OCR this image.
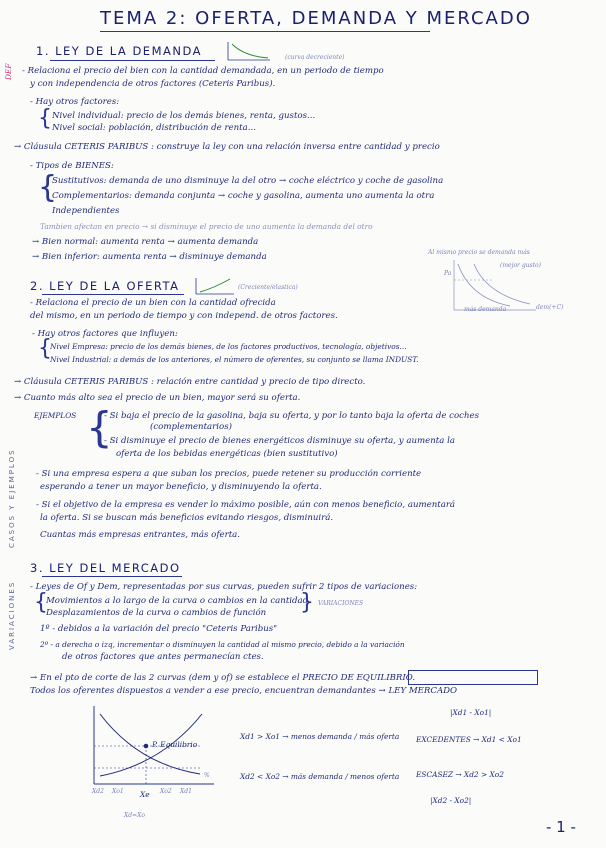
TEMA 2: OFERTA, DEMANDA Y MERCADO
1. LEY DE LA DEMANDA	(curva decreciente)
DEF - Relaciona el precio del bien con la cantidad demandada, en un periodo de tiempo
y con independencia de otros factores (Ceteris Paribus).
- Hay otros factores:
{ Nivel individual: precio de los demás bienes, renta, gustos...
Nivel social: población, distribución de renta...
→ Cláusula CETERIS PARIBUS : construye la ley con una relación inversa entre cantidad y precio
- Tipos de BIENES:
{
Sustitutivos: demanda de uno disminuye la del otro → coche eléctrico y coche de gasolina
Complementarios: demanda conjunta → coche y gasolina, aumenta uno aumenta la otra
Independientes
Tambien afectan en precio → si disminuye el precio de uno aumenta la demanda del otro
→ Bien normal: aumenta renta → aumenta demanda
→ Bien inferior: aumenta renta → disminuye demanda	Al mismo precio se demanda más
(mejor gusto)
Pa
más demanda	dem(+C)
2. LEY DE LA OFERTA	(Creciente/elastica)
- Relaciona el precio de un bien con la cantidad ofrecida
del mismo, en un periodo de tiempo y con independ. de otros factores.
- Hay otros factores que influyen:
{
Nivel Empresa: precio de los demás bienes, de los factores productivos, tecnología, objetivos...
Nivel Industrial: a demás de los anteriores, el número de oferentes, su conjunto se llama INDUST.
→ Cláusula CETERIS PARIBUS : relación entre cantidad y precio de tipo directo.
→ Cuanto más alto sea el precio de un bien, mayor será su oferta.
EJEMPLOS {
- Si baja el precio de la gasolina, baja su oferta, y por lo tanto baja la oferta de coches
(complementarios)
- Si disminuye el precio de bienes energéticos disminuye su oferta, y aumenta la
oferta de los bebidas energéticas (bien sustitutivo)
- Si una empresa espera a que suban los precios, puede retener su producción corriente
esperando a tener un mayor beneficio, y disminuyendo la oferta.
- Si el objetivo de la empresa es vender lo máximo posible, aún con menos beneficio, aumentará
la oferta. Si se buscan más beneficios evitando riesgos, disminuirá.
Cuantas más empresas entrantes, más oferta.
CASOS Y EJEMPLOS
3. LEY DEL MERCADO
- Leyes de Of y Dem, representadas por sus curvas, pueden sufrir 2 tipos de variaciones:
{
Movimientos a lo largo de la curva o cambios en la cantidad
Desplazamientos de la curva o cambios de función } VARIACIONES
1º - debidos a la variación del precio "Ceteris Paribus"
2º - a derecha o izq, incrementar o disminuyen la cantidad al mismo precio, debido a la variación
de otros factores que antes permanecían ctes.
VARIACIONES
→ En el pto de corte de las 2 curvas (dem y of) se establece el PRECIO DE EQUILIBRIO.
Todos los oferentes dispuestos a vender a ese precio, encuentran demandantes → LEY MERCADO
P. Equilibrio
Xd2 Xo1 Xe Xo2 Xd1
%
Xd=Xo
Xd1 > Xo1 → menos demanda / más oferta
Xd2 < Xo2 → más demanda / menos oferta
|Xd1 - Xo1|
EXCEDENTES → Xd1 < Xo1
ESCASEZ → Xd2 > Xo2
|Xd2 - Xo2|
- 1 -
